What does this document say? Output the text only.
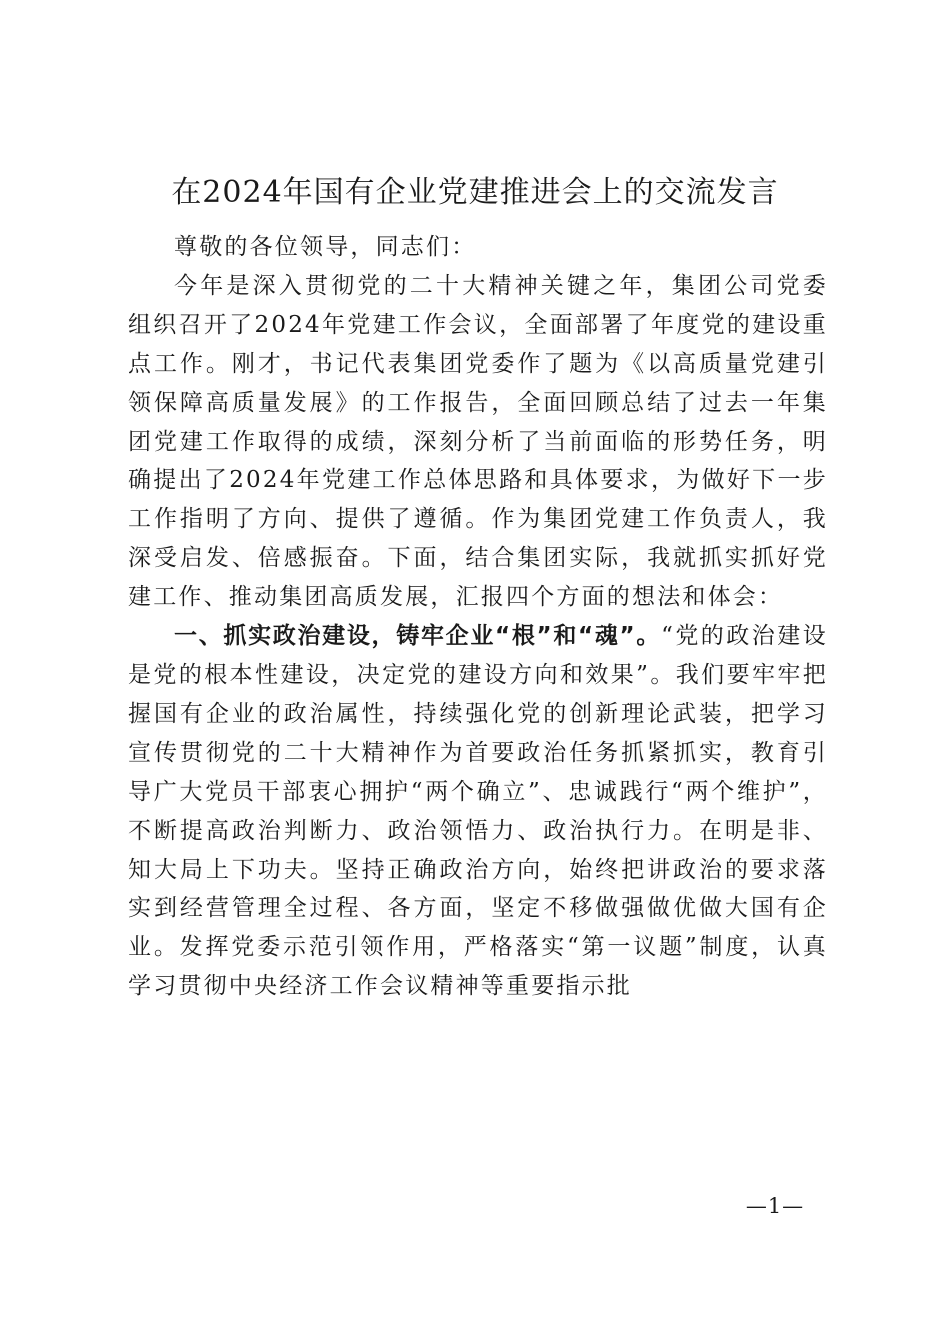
在2024年国有企业党建推进会上的交流发言

尊敬的各位领导，同志们：

今年是深入贯彻党的二十大精神关键之年，集团公司党委组织召开了2024年党建工作会议，全面部署了年度党的建设重点工作。刚才，书记代表集团党委作了题为《以高质量党建引领保障高质量发展》的工作报告，全面回顾总结了过去一年集团党建工作取得的成绩，深刻分析了当前面临的形势任务，明确提出了2024年党建工作总体思路和具体要求，为做好下一步工作指明了方向、提供了遵循。作为集团党建工作负责人，我深受启发、倍感振奋。下面，结合集团实际，我就抓实抓好党建工作、推动集团高质发展，汇报四个方面的想法和体会：

一、抓实政治建设，铸牢企业“根”和“魂”。“党的政治建设是党的根本性建设，决定党的建设方向和效果”。我们要牢牢把握国有企业的政治属性，持续强化党的创新理论武装，把学习宣传贯彻党的二十大精神作为首要政治任务抓紧抓实，教育引导广大党员干部衷心拥护“两个确立”、忠诚践行“两个维护”，不断提高政治判断力、政治领悟力、政治执行力。在明是非、知大局上下功夫。坚持正确政治方向，始终把讲政治的要求落实到经营管理全过程、各方面，坚定不移做强做优做大国有企业。发挥党委示范引领作用，严格落实“第一议题”制度，认真学习贯彻中央经济工作会议精神等重要指示批

—1—
